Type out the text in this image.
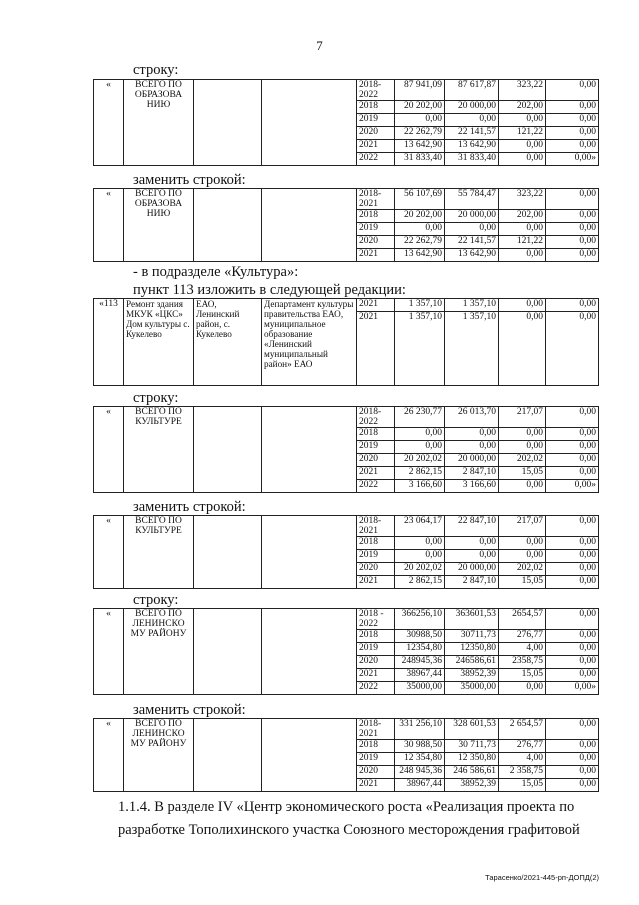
7
строку:
заменить строкой:
- в подразделе «Культура»:
пункт 113 изложить в следующей редакции:
строку:
заменить строкой:
строку:
заменить строкой:
«	ВСЕГО ПО ОБРАЗОВА НИЮ			2018-2022	87 941,09	87 617,87	323,22	0,00
				2018	20 202,00	20 000,00	202,00	0,00
				2019	0,00	0,00	0,00	0,00
				2020	22 262,79	22 141,57	121,22	0,00
				2021	13 642,90	13 642,90	0,00	0,00
				2022	31 833,40	31 833,40	0,00	0,00»
«	ВСЕГО ПО ОБРАЗОВА НИЮ			2018-2021	56 107,69	55 784,47	323,22	0,00
				2018	20 202,00	20 000,00	202,00	0,00
				2019	0,00	0,00	0,00	0,00
				2020	22 262,79	22 141,57	121,22	0,00
				2021	13 642,90	13 642,90	0,00	0,00
«113	Ремонт здания МКУК «ЦКС» Дом культуры с. Кукелево	ЕАО, Ленинский район, с. Кукелево	Департамент культуры правительства ЕАО, муниципальное образование «Ленинский муниципальный район» ЕАО	2021	1 357,10	1 357,10	0,00	0,00
				2021	1 357,10	1 357,10	0,00	0,00
«	ВСЕГО ПО КУЛЬТУРЕ			2018-2022	26 230,77	26 013,70	217,07	0,00
				2018	0,00	0,00	0,00	0,00
				2019	0,00	0,00	0,00	0,00
				2020	20 202,02	20 000,00	202,02	0,00
				2021	2 862,15	2 847,10	15,05	0,00
				2022	3 166,60	3 166,60	0,00	0,00»
«	ВСЕГО ПО КУЛЬТУРЕ			2018-2021	23 064,17	22 847,10	217,07	0,00
				2018	0,00	0,00	0,00	0,00
				2019	0,00	0,00	0,00	0,00
				2020	20 202,02	20 000,00	202,02	0,00
				2021	2 862,15	2 847,10	15,05	0,00
«	ВСЕГО ПО ЛЕНИНСКО МУ РАЙОНУ			2018 - 2022	366256,10	363601,53	2654,57	0,00
				2018	30988,50	30711,73	276,77	0,00
				2019	12354,80	12350,80	4,00	0,00
				2020	248945,36	246586,61	2358,75	0,00
				2021	38967,44	38952,39	15,05	0,00
				2022	35000,00	35000,00	0,00	0,00»
«	ВСЕГО ПО ЛЕНИНСКО МУ РАЙОНУ			2018-2021	331 256,10	328 601,53	2 654,57	0,00
				2018	30 988,50	30 711,73	276,77	0,00
				2019	12 354,80	12 350,80	4,00	0,00
				2020	248 945,36	246 586,61	2 358,75	0,00
				2021	38967,44	38952,39	15,05	0,00
1.1.4. В разделе IV «Центр экономического роста «Реализация проекта по разработке Тополихинского участка Союзного месторождения графитовой
Тарасенко/2021-445-рп-ДОПД(2)
